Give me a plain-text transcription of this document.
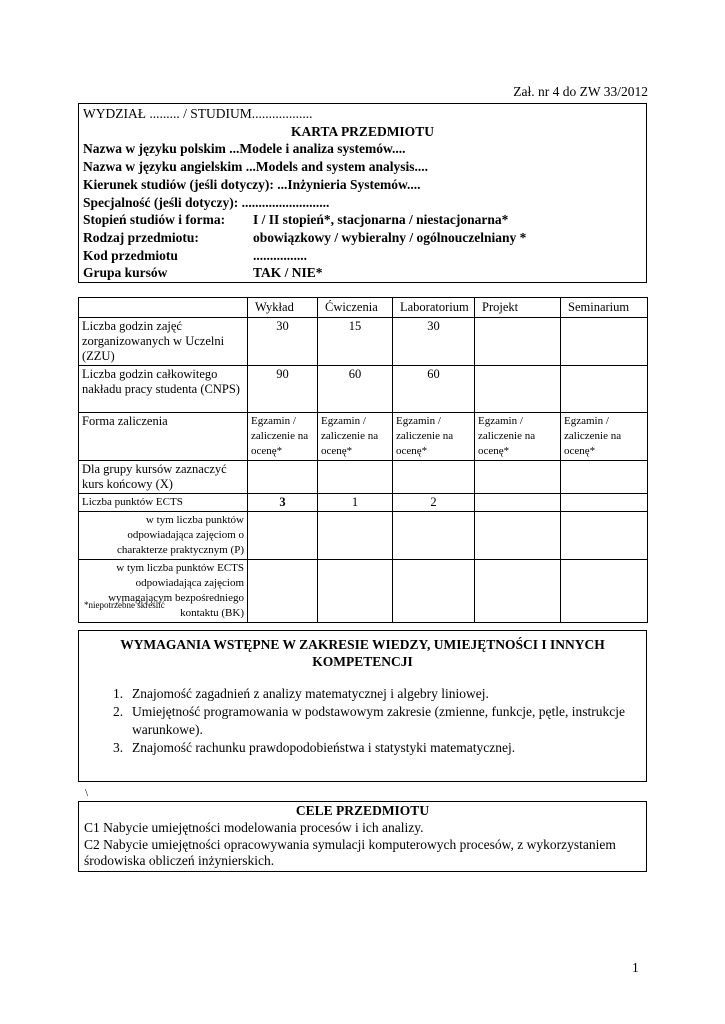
Zał. nr 4 do ZW 33/2012
WYDZIAŁ ......... / STUDIUM..................
KARTA PRZEDMIOTU
Nazwa w języku polskim ...Modele i analiza systemów....
Nazwa w języku angielskim ...Models and system analysis....
Kierunek studiów (jeśli dotyczy): ...Inżynieria Systemów....
Specjalność (jeśli dotyczy): ..........................
Stopień studiów i forma:	I / II stopień*, stacjonarna / niestacjonarna*
Rodzaj przedmiotu:	obowiązkowy / wybieralny / ogólnouczelniany *
Kod przedmiotu	................
Grupa kursów	TAK / NIE*
	Wykład	Ćwiczenia	Laboratorium	Projekt	Seminarium
Liczba godzin zajęć zorganizowanych w Uczelni (ZZU)	30	15	30		
Liczba godzin całkowitego nakładu pracy studenta (CNPS)	90	60	60		
Forma zaliczenia	Egzamin / zaliczenie na ocenę*	Egzamin / zaliczenie na ocenę*	Egzamin / zaliczenie na ocenę*	Egzamin / zaliczenie na ocenę*	Egzamin / zaliczenie na ocenę*
Dla grupy kursów zaznaczyć kurs końcowy (X)					
Liczba punktów ECTS	3	1	2		
w tym liczba punktów odpowiadająca zajęciom o charakterze praktycznym (P)					
w tym liczba punktów ECTS odpowiadająca zajęciom wymagającym bezpośredniego kontaktu (BK)					
*niepotrzebne skreślić
WYMAGANIA WSTĘPNE W ZAKRESIE WIEDZY, UMIEJĘTNOŚCI I INNYCH
KOMPETENCJI
1. Znajomość zagadnień z analizy matematycznej i algebry liniowej.
2. Umiejętność programowania w podstawowym zakresie (zmienne, funkcje, pętle, instrukcje warunkowe).
3. Znajomość rachunku prawdopodobieństwa i statystyki matematycznej.
\
CELE PRZEDMIOTU
C1 Nabycie umiejętności modelowania procesów i ich analizy.
C2 Nabycie umiejętności opracowywania symulacji komputerowych procesów, z wykorzystaniem środowiska obliczeń inżynierskich.
1
